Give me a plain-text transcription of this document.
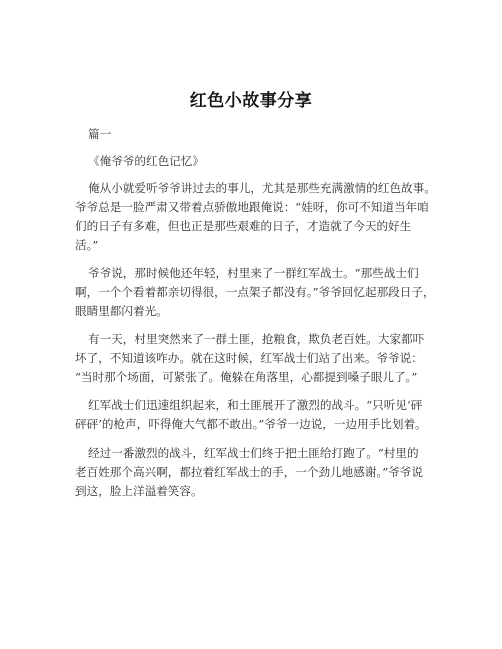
红色小故事分享
篇一
《俺爷爷的红色记忆》
俺从小就爱听爷爷讲过去的事儿，尤其是那些充满激情的红色故事。
爷爷总是一脸严肃又带着点骄傲地跟俺说：“娃呀，你可不知道当年咱
们的日子有多难，但也正是那些艰难的日子，才造就了今天的好生
活。”
爷爷说，那时候他还年轻，村里来了一群红军战士。“那些战士们
啊，一个个看着都亲切得很，一点架子都没有。”爷爷回忆起那段日子，
眼睛里都闪着光。
有一天，村里突然来了一群土匪，抢粮食，欺负老百姓。大家都吓
坏了，不知道该咋办。就在这时候，红军战士们站了出来。爷爷说：
“当时那个场面，可紧张了。俺躲在角落里，心都提到嗓子眼儿了。”
红军战士们迅速组织起来，和土匪展开了激烈的战斗。“只听见‘砰
砰砰’的枪声，吓得俺大气都不敢出。”爷爷一边说，一边用手比划着。
经过一番激烈的战斗，红军战士们终于把土匪给打跑了。“村里的
老百姓那个高兴啊，都拉着红军战士的手，一个劲儿地感谢。”爷爷说
到这，脸上洋溢着笑容。
